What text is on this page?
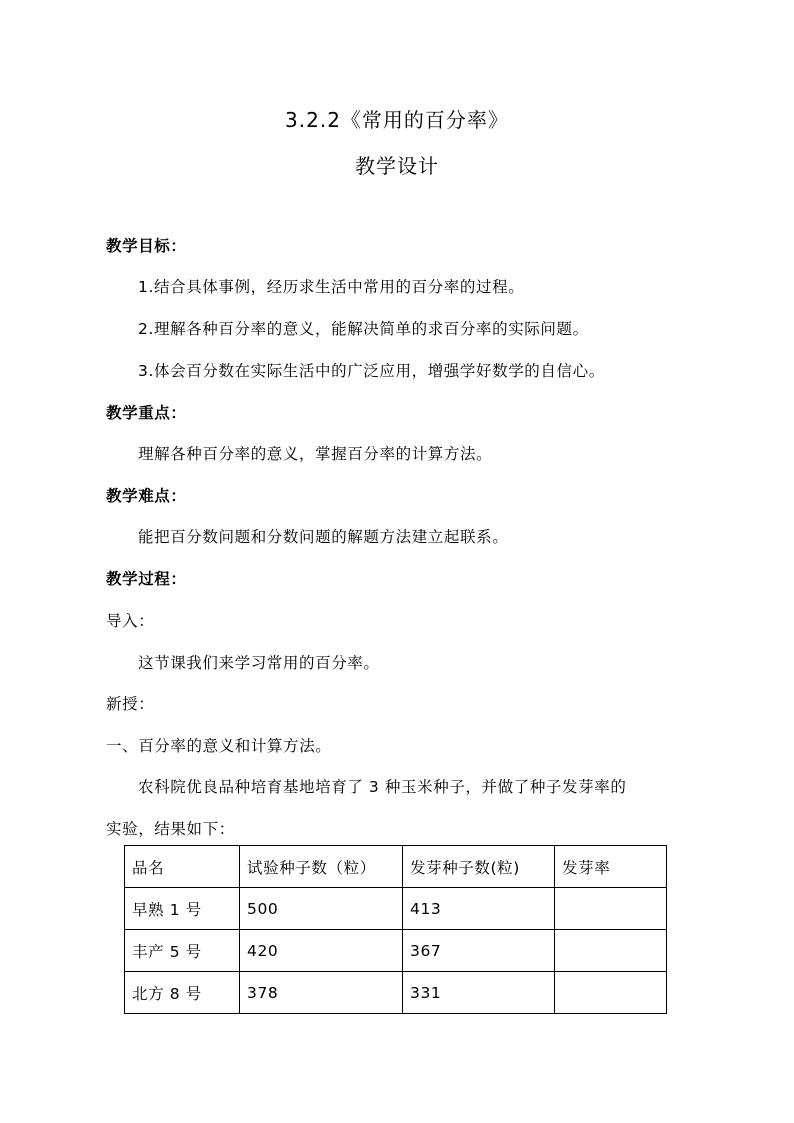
3.2.2《常用的百分率》
教学设计
教学目标：
1.结合具体事例，经历求生活中常用的百分率的过程。
2.理解各种百分率的意义，能解决简单的求百分率的实际问题。
3.体会百分数在实际生活中的广泛应用，增强学好数学的自信心。
教学重点：
理解各种百分率的意义，掌握百分率的计算方法。
教学难点：
能把百分数问题和分数问题的解题方法建立起联系。
教学过程：
导入：
这节课我们来学习常用的百分率。
新授：
一、百分率的意义和计算方法。
农科院优良品种培育基地培育了 3 种玉米种子，并做了种子发芽率的
实验，结果如下：
品名	试验种子数（粒）	发芽种子数(粒)	发芽率
早熟 1 号	500	413	
丰产 5 号	420	367	
北方 8 号	378	331	
